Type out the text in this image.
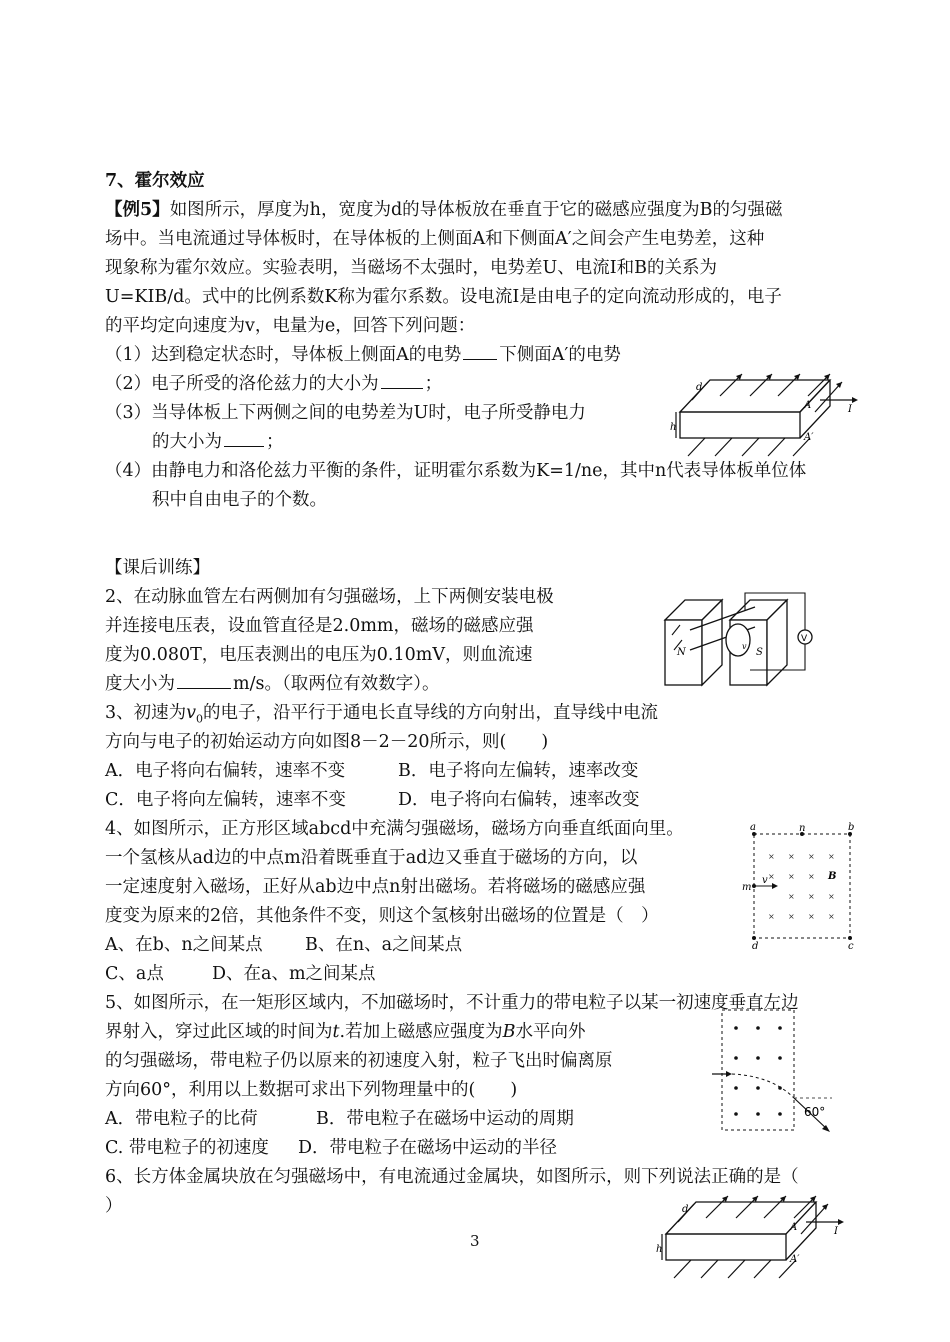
7、霍尔效应
【例5】如图所示，厚度为h，宽度为d的导体板放在垂直于它的磁感应强度为B的匀强磁
场中。当电流通过导体板时，在导体板的上侧面A和下侧面A′之间会产生电势差，这种
现象称为霍尔效应。实验表明，当磁场不太强时，电势差U、电流I和B的关系为
U=KIB/d。式中的比例系数K称为霍尔系数。设电流I是由电子的定向流动形成的，电子
的平均定向速度为v，电量为e，回答下列问题：
（1）达到稳定状态时，导体板上侧面A的电势 下侧面A′的电势
（2）电子所受的洛伦兹力的大小为	；
（3）当导体板上下两侧之间的电势差为U时，电子所受静电力
的大小为	；
（4）由静电力和洛伦兹力平衡的条件，证明霍尔系数为K=1/ne，其中n代表导体板单位体
积中自由电子的个数。
d
h
A
A′
I
【课后训练】
2、在动脉血管左右两侧加有匀强磁场，上下两侧安装电极
并连接电压表，设血管直径是2.0mm，磁场的磁感应强
度为0.080T，电压表测出的电压为0.10mV，则血流速
度大小为	m/s。（取两位有效数字）。
N	S
v
V
3、初速为$v_0$的电子，沿平行于通电长直导线的方向射出，直导线中电流
方向与电子的初始运动方向如图8－2－20所示，则(　　)
A．电子将向右偏转，速率不变	B．电子将向左偏转，速率改变
C．电子将向左偏转，速率不变	D．电子将向右偏转，速率改变
4、如图所示，正方形区域abcd中充满匀强磁场，磁场方向垂直纸面向里。
一个氢核从ad边的中点m沿着既垂直于ad边又垂直于磁场的方向，以
一定速度射入磁场，正好从ab边中点n射出磁场。若将磁场的磁感应强
度变为原来的2倍，其他条件不变，则这个氢核射出磁场的位置是（　）
A、在b、n之间某点 B、在n、a之间某点
C、a点	D、在a、m之间某点
× × × ×
× × ×
× × ×
× × × ×
a	b
c
d
n
m
v	B
5、如图所示，在一矩形区域内，不加磁场时，不计重力的带电粒子以某一初速度垂直左边
界射入，穿过此区域的时间为t.若加上磁感应强度为B水平向外
的匀强磁场，带电粒子仍以原来的初速度入射，粒子飞出时偏离原
方向60°，利用以上数据可求出下列物理量中的(　　)
A．带电粒子的比荷	B．带电粒子在磁场中运动的周期
C. 带电粒子的初速度 D．带电粒子在磁场中运动的半径
60°
6、长方体金属块放在匀强磁场中，有电流通过金属块，如图所示，则下列说法正确的是（
）	d
h
A
A′
I
3
